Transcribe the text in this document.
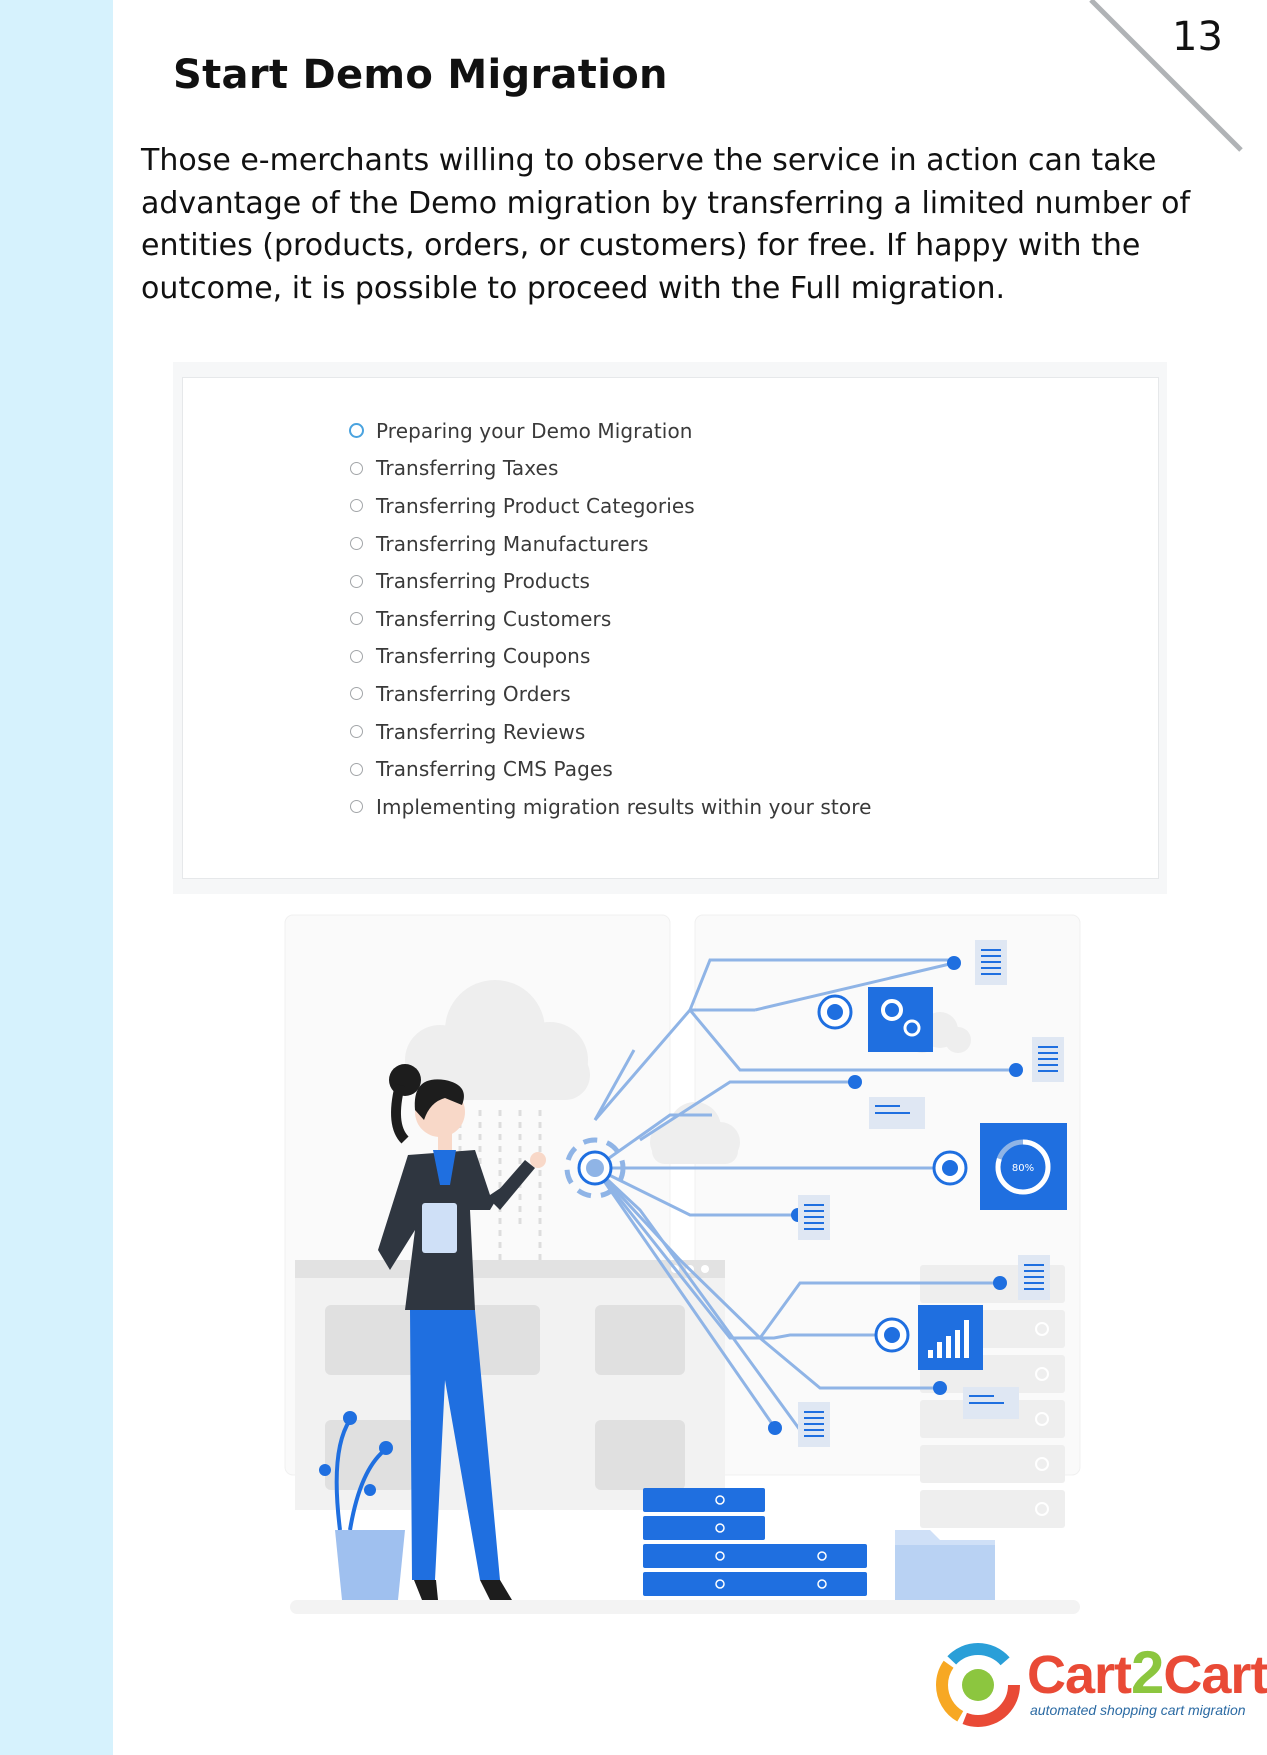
13
Start Demo Migration

Those e-merchants willing to observe the service in action can take advantage of the Demo migration by transferring a limited number of entities (products, orders, or customers) for free. If happy with the outcome, it is possible to proceed with the Full migration.

Preparing your Demo Migration
Transferring Taxes
Transferring Product Categories
Transferring Manufacturers
Transferring Products
Transferring Customers
Transferring Coupons
Transferring Orders
Transferring Reviews
Transferring CMS Pages
Implementing migration results within your store
80%
Cart2Cart
automated shopping cart migration
